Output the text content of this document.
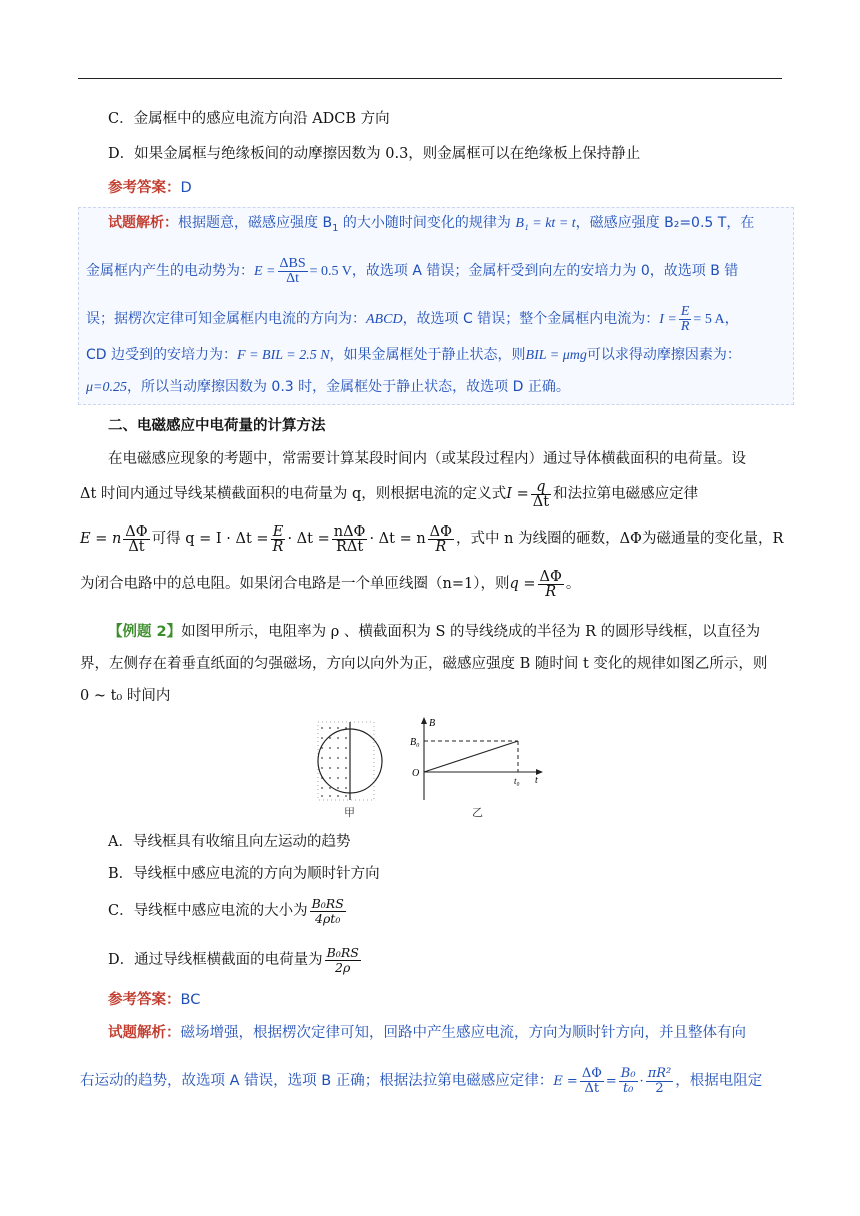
C．金属框中的感应电流方向沿 ADCB 方向
D．如果金属框与绝缘板间的动摩擦因数为 0.3，则金属框可以在绝缘板上保持静止
参考答案：D
试题解析：根据题意，磁感应强度 $B_1$ 的大小随时间变化的规律为 B₁ = kt = t，磁感应强度 B₂=0.5 T，在
金属框内产生的电动势为：$E = \frac{\text{ΔBS}}{\Delta t} = 0.5$ V，故选项 A 错误；金属杆受到向左的安培力为 0，故选项 B 错
误；据楞次定律可知金属框内电流的方向为：ABCD，故选项 C 错误；整个金属框内电流为：$I = \frac{E}{R} = 5$ A，
CD 边受到的安培力为：F = BIL = 2.5 N，如果金属框处于静止状态，则BIL = μmg可以求得动摩擦因素为：
μ=0.25，所以当动摩擦因数为 0.3 时，金属框处于静止状态，故选项 D 正确。
二、电磁感应中电荷量的计算方法
在电磁感应现象的考题中，常需要计算某段时间内（或某段过程内）通过导体横截面积的电荷量。设
Δt 时间内通过导线某横截面积的电荷量为 q，则根据电流的定义式$I = \frac{q}{\Delta t}$ 和法拉第电磁感应定律
E = n $\frac{\Delta\Phi}{\Delta t}$ 可得 $q = I \cdot \Delta t = \frac{E}{R} \cdot \Delta t = \frac{\text{nΔΦ}}{\text{RΔt}} \cdot \Delta t = n \frac{\Delta\Phi}{R}$ ，式中 n 为线圈的砸数，ΔΦ为磁通量的变化量，R
为闭合电路中的总电阻。如果闭合电路是一个单匝线圈（n=1），则$q = \frac{\Delta\Phi}{R}$ 。
【例题 2】如图甲所示，电阻率为 ρ 、横截面积为 S 的导线绕成的半径为 R 的圆形导线框，以直径为
界，左侧存在着垂直纸面的匀强磁场，方向以向外为正，磁感应强度 B 随时间 t 变化的规律如图乙所示，则
0 ~ t₀ 时间内
甲
B
B₀
O
t₀ t
乙
A．导线框具有收缩且向左运动的趋势
B．导线框中感应电流的方向为顺时针方向
C．导线框中感应电流的大小为 $\frac{\text{B₀RS}}{\text{4ρt₀}}$
D．通过导线框横截面的电荷量为 $\frac{\text{B₀RS}}{2\rho}$
参考答案：BC
试题解析：磁场增强，根据楞次定律可知，回路中产生感应电流，方向为顺时针方向，并且整体有向
右运动的趋势，故选项 A 错误，选项 B 正确；根据法拉第电磁感应定律：$E = \frac{\Delta\Phi}{\Delta t} = \frac{\text{B₀}}{\text{t₀}} \cdot \frac{\text{πR²}}{2}$ ，根据电阻定
